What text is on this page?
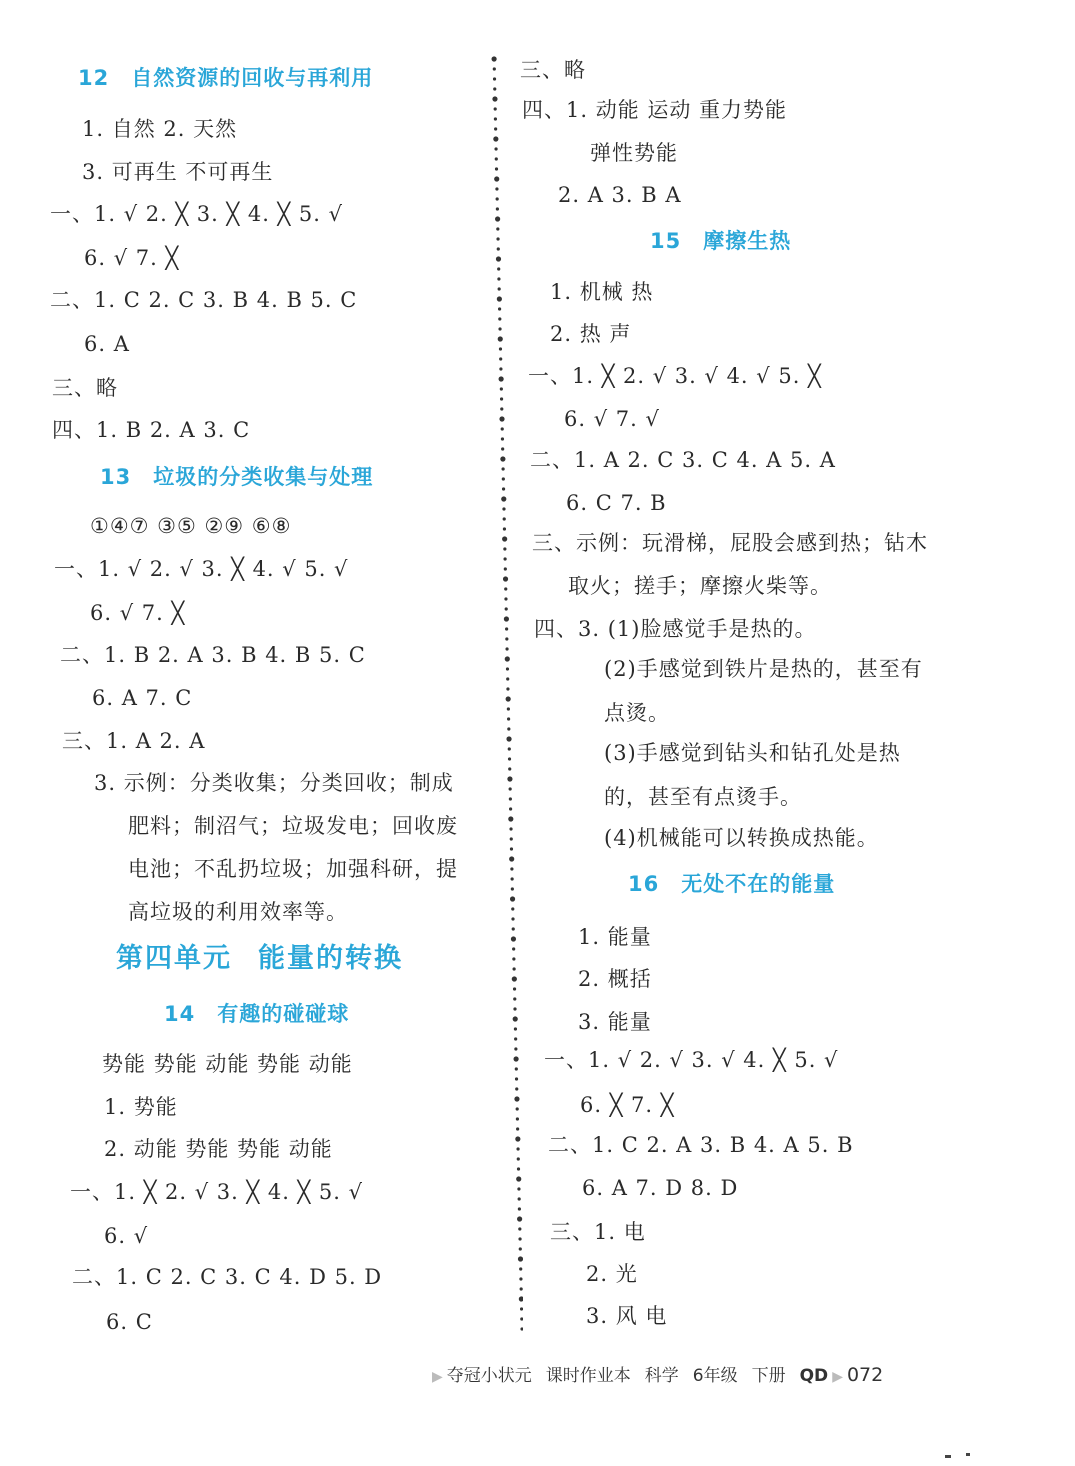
12 自然资源的回收与再利用
1. 自然 2. 天然
3. 可再生 不可再生
一、1. √ 2. ╳ 3. ╳ 4. ╳ 5. √
6. √ 7. ╳
二、1. C 2. C 3. B 4. B 5. C
6. A
三、略
四、1. B 2. A 3. C
13 垃圾的分类收集与处理
①④⑦ ③⑤ ②⑨ ⑥⑧
一、1. √ 2. √ 3. ╳ 4. √ 5. √
6. √ 7. ╳
二、1. B 2. A 3. B 4. B 5. C
6. A 7. C
三、1. A 2. A
3. 示例：分类收集；分类回收；制成
肥料；制沼气；垃圾发电；回收废
电池；不乱扔垃圾；加强科研，提
高垃圾的利用效率等。
第四单元 能量的转换
14 有趣的碰碰球
势能 势能 动能 势能 动能
1. 势能
2. 动能 势能 势能 动能
一、1. ╳ 2. √ 3. ╳ 4. ╳ 5. √
6. √
二、1. C 2. C 3. C 4. D 5. D
6. C
三、略
四、1. 动能 运动 重力势能
弹性势能
2. A 3. B A
15 摩擦生热
1. 机械 热
2. 热 声
一、1. ╳ 2. √ 3. √ 4. √ 5. ╳
6. √ 7. √
二、1. A 2. C 3. C 4. A 5. A
6. C 7. B
三、示例：玩滑梯，屁股会感到热；钻木
取火；搓手；摩擦火柴等。
四、3. (1)脸感觉手是热的。
(2)手感觉到铁片是热的，甚至有
点烫。
(3)手感觉到钻头和钻孔处是热
的，甚至有点烫手。
(4)机械能可以转换成热能。
16 无处不在的能量
1. 能量
2. 概括
3. 能量
一、1. √ 2. √ 3. √ 4. ╳ 5. √
6. ╳ 7. ╳
二、1. C 2. A 3. B 4. A 5. B
6. A 7. D 8. D
三、1. 电
2. 光
3. 风 电
▶ 夺冠小状元 课时作业本 科学 6年级 下册 QD ▶ 072
